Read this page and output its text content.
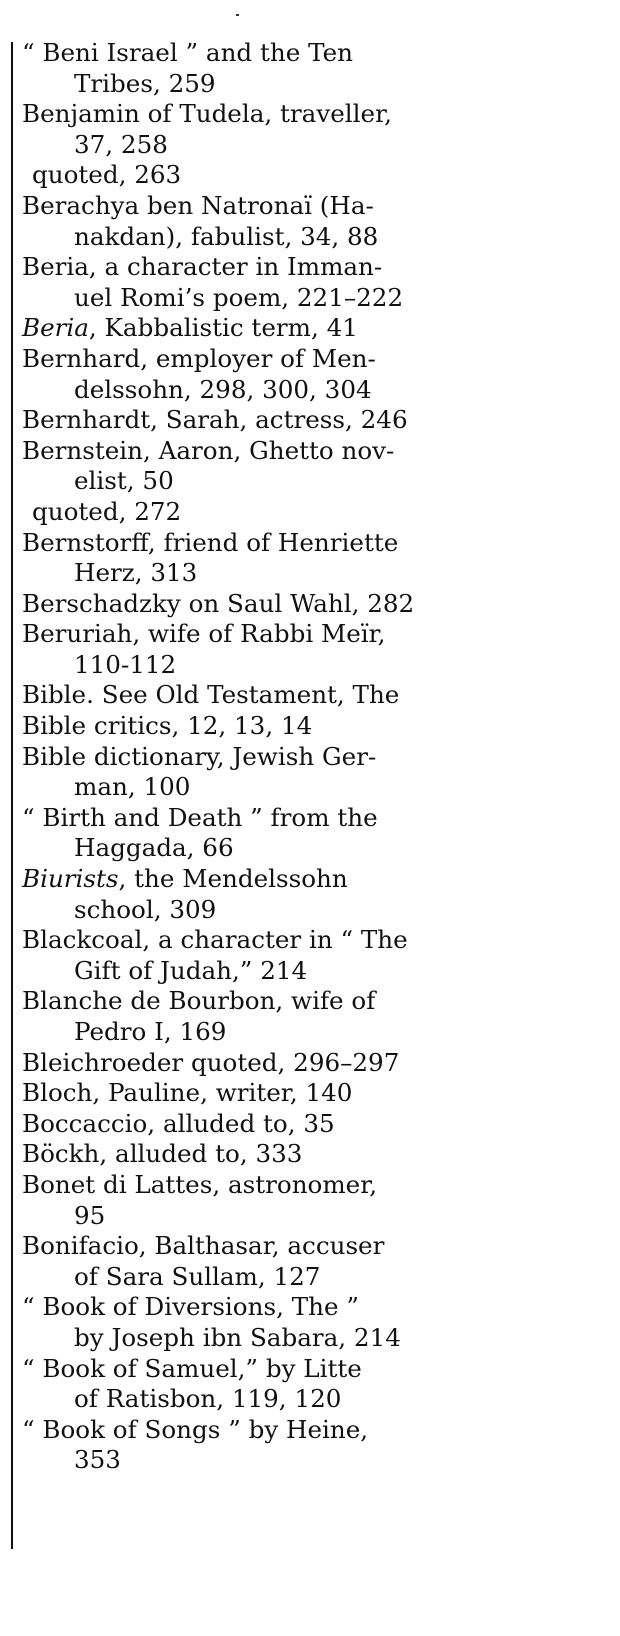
“ Beni Israel ” and the Ten
Tribes, 259
Benjamin of Tudela, traveller,
37, 258
quoted, 263
Berachya ben Natronaï (Ha-
nakdan), fabulist, 34, 88
Beria, a character in Imman-
uel Romi’s poem, 221–222
Beria, Kabbalistic term, 41
Bernhard, employer of Men-
delssohn, 298, 300, 304
Bernhardt, Sarah, actress, 246
Bernstein, Aaron, Ghetto nov-
elist, 50
quoted, 272
Bernstorff, friend of Henriette
Herz, 313
Berschadzky on Saul Wahl, 282
Beruriah, wife of Rabbi Meïr,
110-112
Bible. See Old Testament, The
Bible critics, 12, 13, 14
Bible dictionary, Jewish Ger-
man, 100
“ Birth and Death ” from the
Haggada, 66
Biurists, the Mendelssohn
school, 309
Blackcoal, a character in “ The
Gift of Judah,” 214
Blanche de Bourbon, wife of
Pedro I, 169
Bleichroeder quoted, 296–297
Bloch, Pauline, writer, 140
Boccaccio, alluded to, 35
Böckh, alluded to, 333
Bonet di Lattes, astronomer,
95
Bonifacio, Balthasar, accuser
of Sara Sullam, 127
“ Book of Diversions, The ”
by Joseph ibn Sabara, 214
“ Book of Samuel,” by Litte
of Ratisbon, 119, 120
“ Book of Songs ” by Heine,
353
